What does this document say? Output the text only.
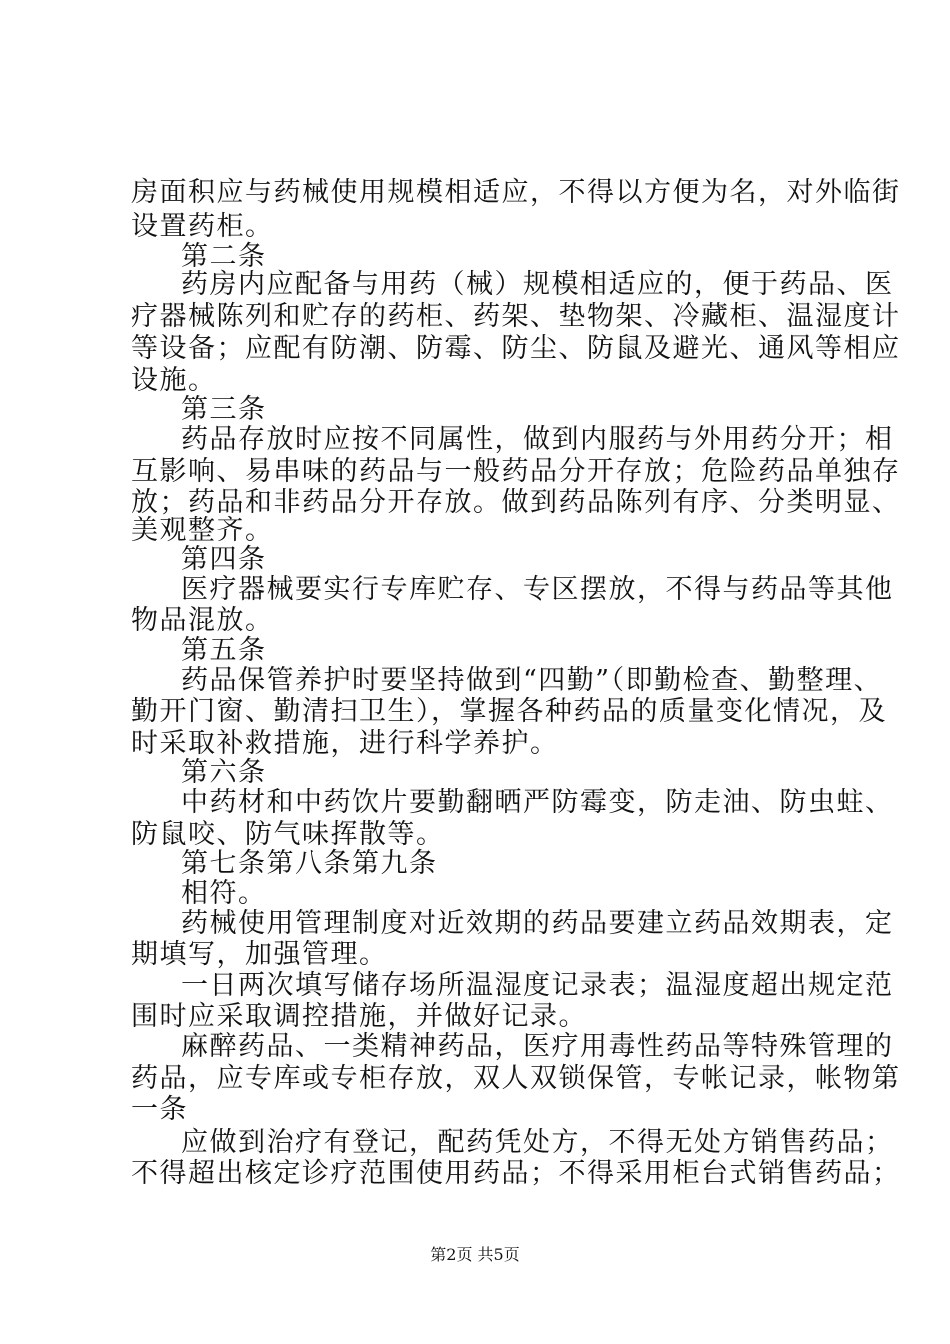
房面积应与药械使用规模相适应，不得以方便为名，对外临街
设置药柜。
第二条
药房内应配备与用药（械）规模相适应的，便于药品、医
疗器械陈列和贮存的药柜、药架、垫物架、冷藏柜、温湿度计
等设备；应配有防潮、防霉、防尘、防鼠及避光、通风等相应
设施。
第三条
药品存放时应按不同属性，做到内服药与外用药分开；相
互影响、易串味的药品与一般药品分开存放；危险药品单独存
放；药品和非药品分开存放。做到药品陈列有序、分类明显、
美观整齐。
第四条
医疗器械要实行专库贮存、专区摆放，不得与药品等其他
物品混放。
第五条
药品保管养护时要坚持做到“四勤”（即勤检查、勤整理、
勤开门窗、勤清扫卫生），掌握各种药品的质量变化情况，及
时采取补救措施，进行科学养护。
第六条
中药材和中药饮片要勤翻晒严防霉变，防走油、防虫蛀、
防鼠咬、防气味挥散等。
第七条第八条第九条
相符。
药械使用管理制度对近效期的药品要建立药品效期表，定
期填写，加强管理。
一日两次填写储存场所温湿度记录表；温湿度超出规定范
围时应采取调控措施，并做好记录。
麻醉药品、一类精神药品，医疗用毒性药品等特殊管理的
药品，应专库或专柜存放，双人双锁保管，专帐记录，帐物第
一条
应做到治疗有登记，配药凭处方，不得无处方销售药品；
不得超出核定诊疗范围使用药品；不得采用柜台式销售药品；
第2页 共5页
